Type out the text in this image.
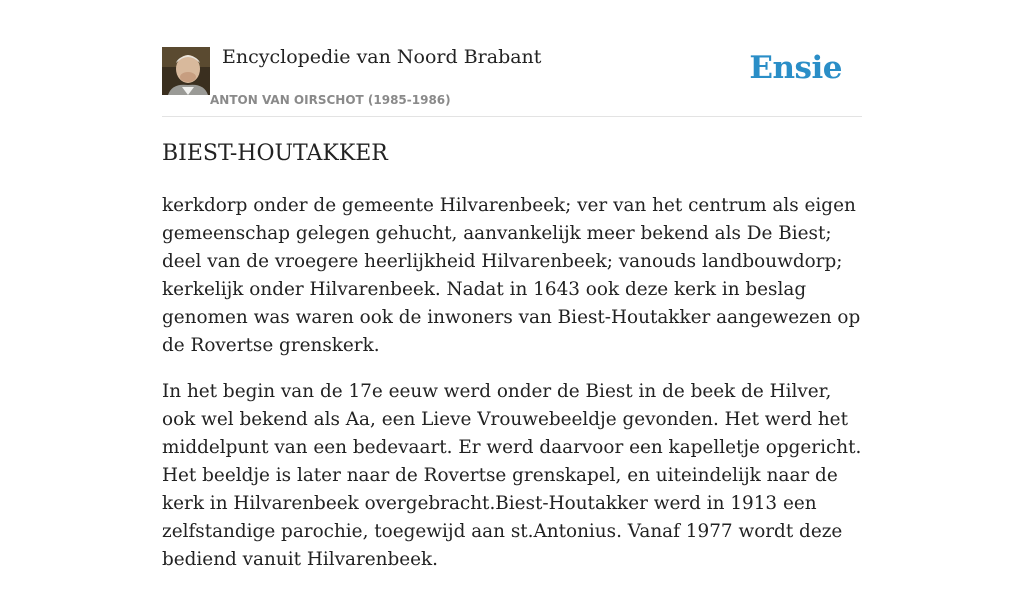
Encyclopedie van Noord Brabant
ANTON VAN OIRSCHOT (1985-1986)
Ensie
BIEST-HOUTAKKER

kerkdorp onder de gemeente Hilvarenbeek; ver van het centrum als eigen gemeenschap gelegen gehucht, aanvankelijk meer bekend als De Biest; deel van de vroegere heerlijkheid Hilvarenbeek; vanouds landbouwdorp; kerkelijk onder Hilvarenbeek. Nadat in 1643 ook deze kerk in beslag genomen was waren ook de inwoners van Biest-Houtakker aangewezen op de Rovertse grenskerk.

In het begin van de 17e eeuw werd onder de Biest in de beek de Hilver, ook wel bekend als Aa, een Lieve Vrouwebeeldje gevonden. Het werd het middelpunt van een bedevaart. Er werd daarvoor een kapelletje opgericht. Het beeldje is later naar de Rovertse grenskapel, en uiteindelijk naar de kerk in Hilvarenbeek overgebracht.Biest-Houtakker werd in 1913 een zelfstandige parochie, toegewijd aan st.Antonius. Vanaf 1977 wordt deze bediend vanuit Hilvarenbeek.
